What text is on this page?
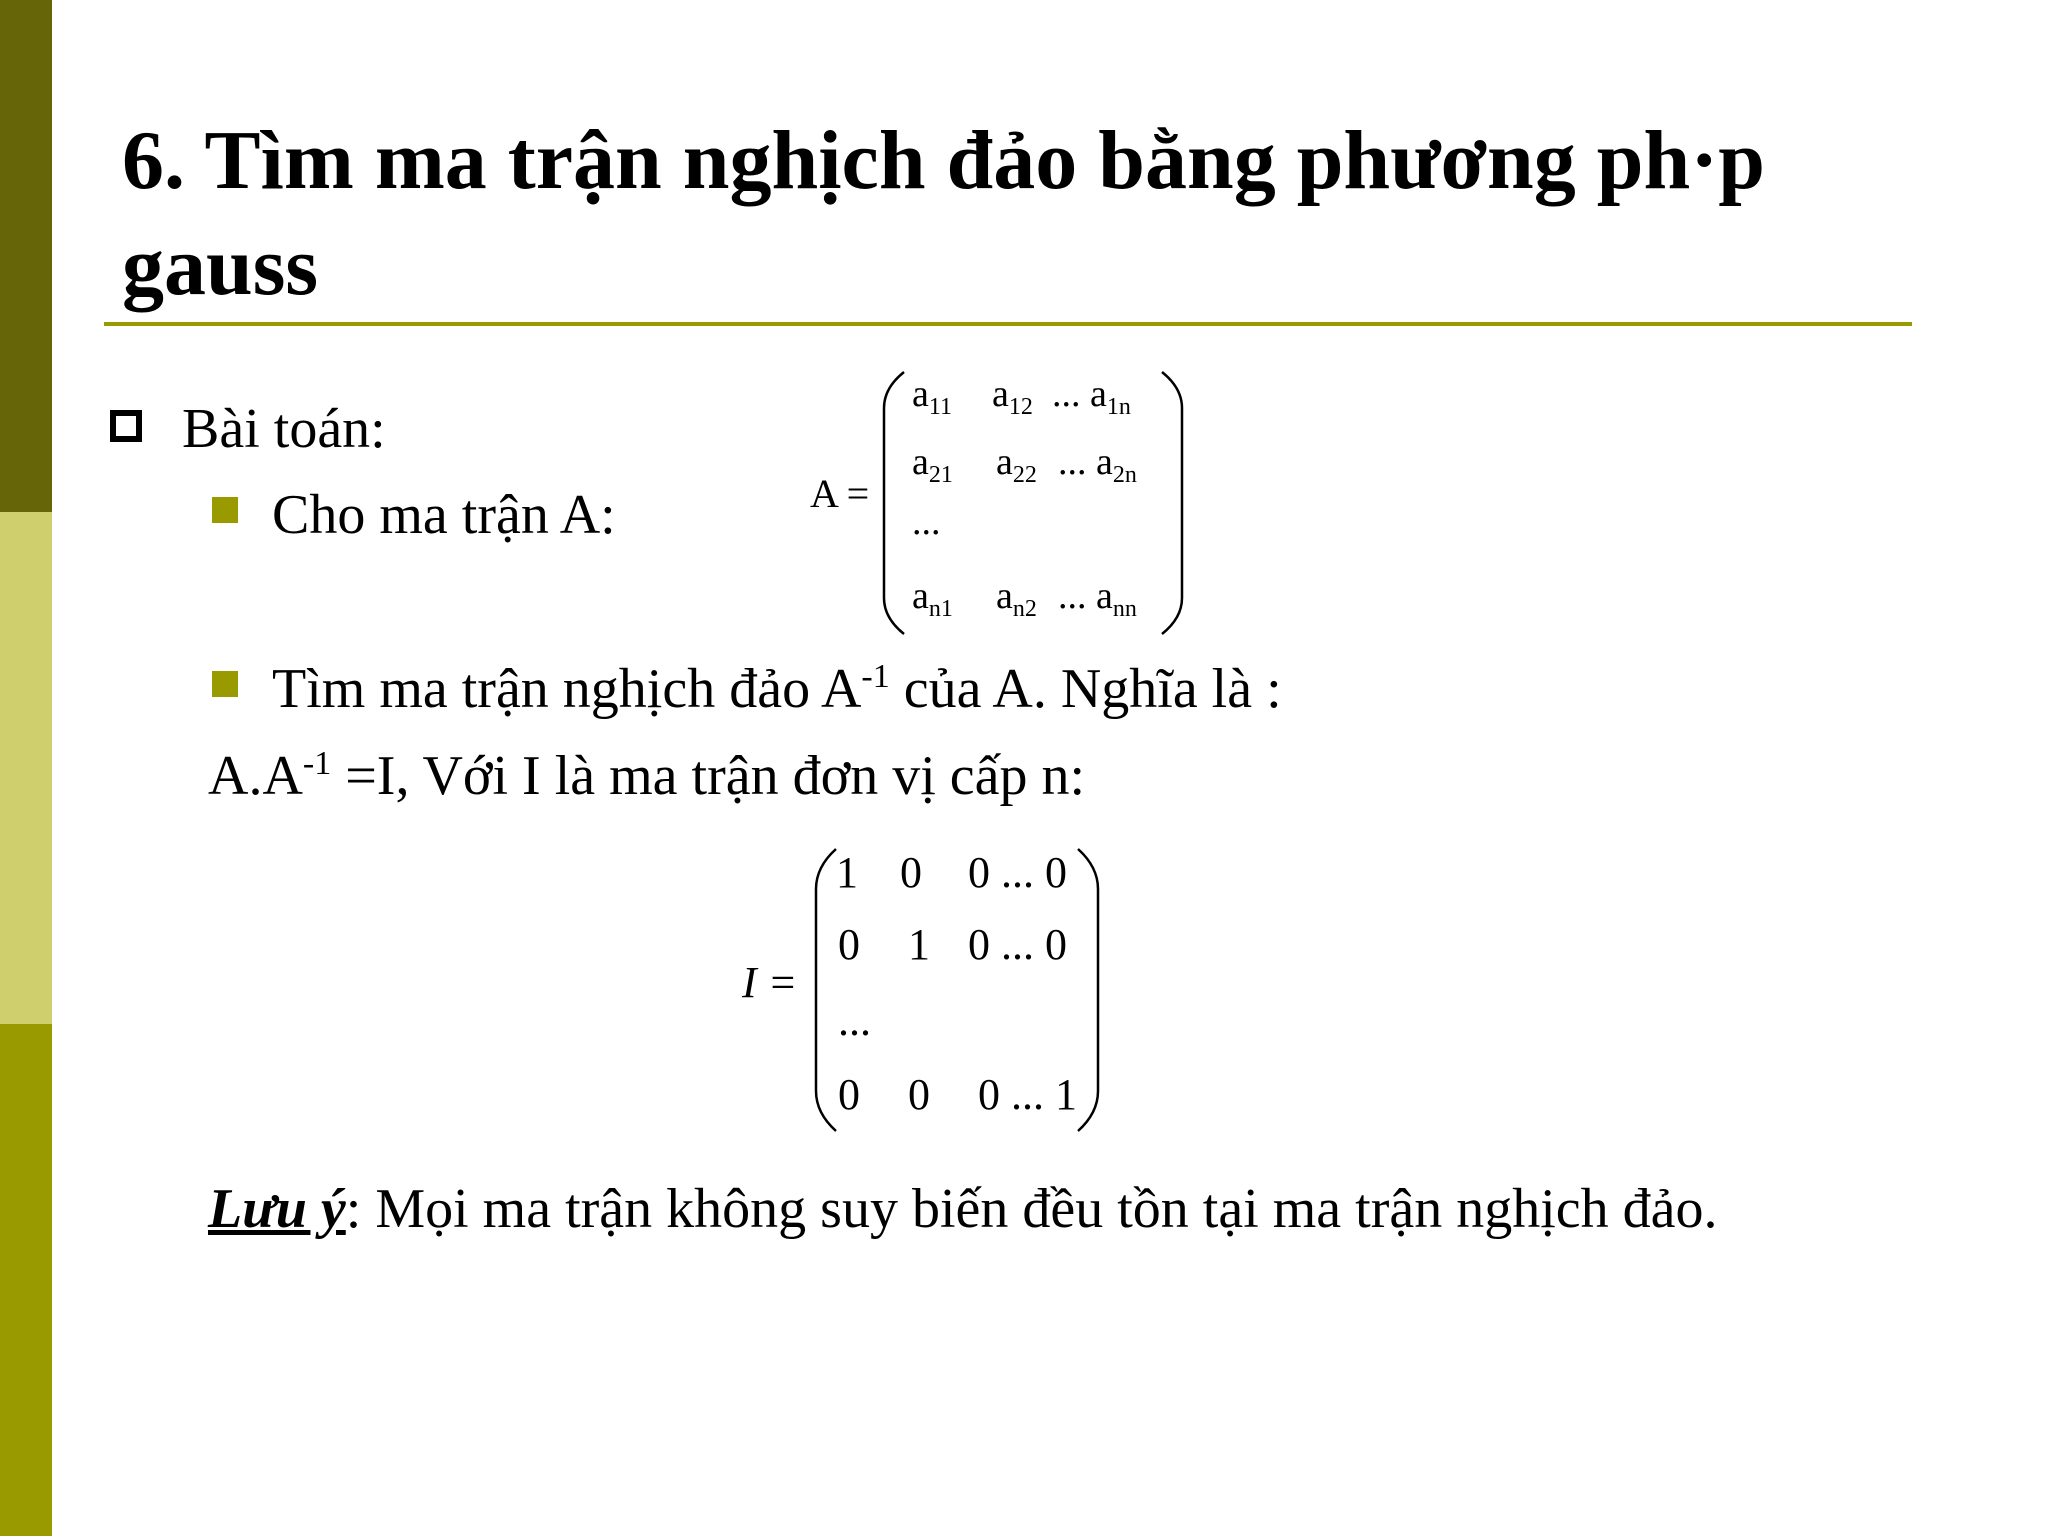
6. Tìm ma trận nghịch đảo bằng phương ph·p gauss
Bài toán:
Cho ma trận A:	A =
$a_{11}$ $a_{12}$ ... $a_{1n}$
$a_{21}$ $a_{22}$ ... $a_{2n}$
...
$a_{n1}$ $a_{n2}$ ... $a_{nn}$
Tìm ma trận nghịch đảo $A^{-1}$ của A. Nghĩa là :
$A.A^{-1} =I$, Với I là ma trận đơn vị cấp n:
I =
1 0 0 ... 0
0 1 0 ... 0
...
0 0 0 ... 1
Lưu ý: Mọi ma trận không suy biến đều tồn tại ma trận nghịch đảo.
